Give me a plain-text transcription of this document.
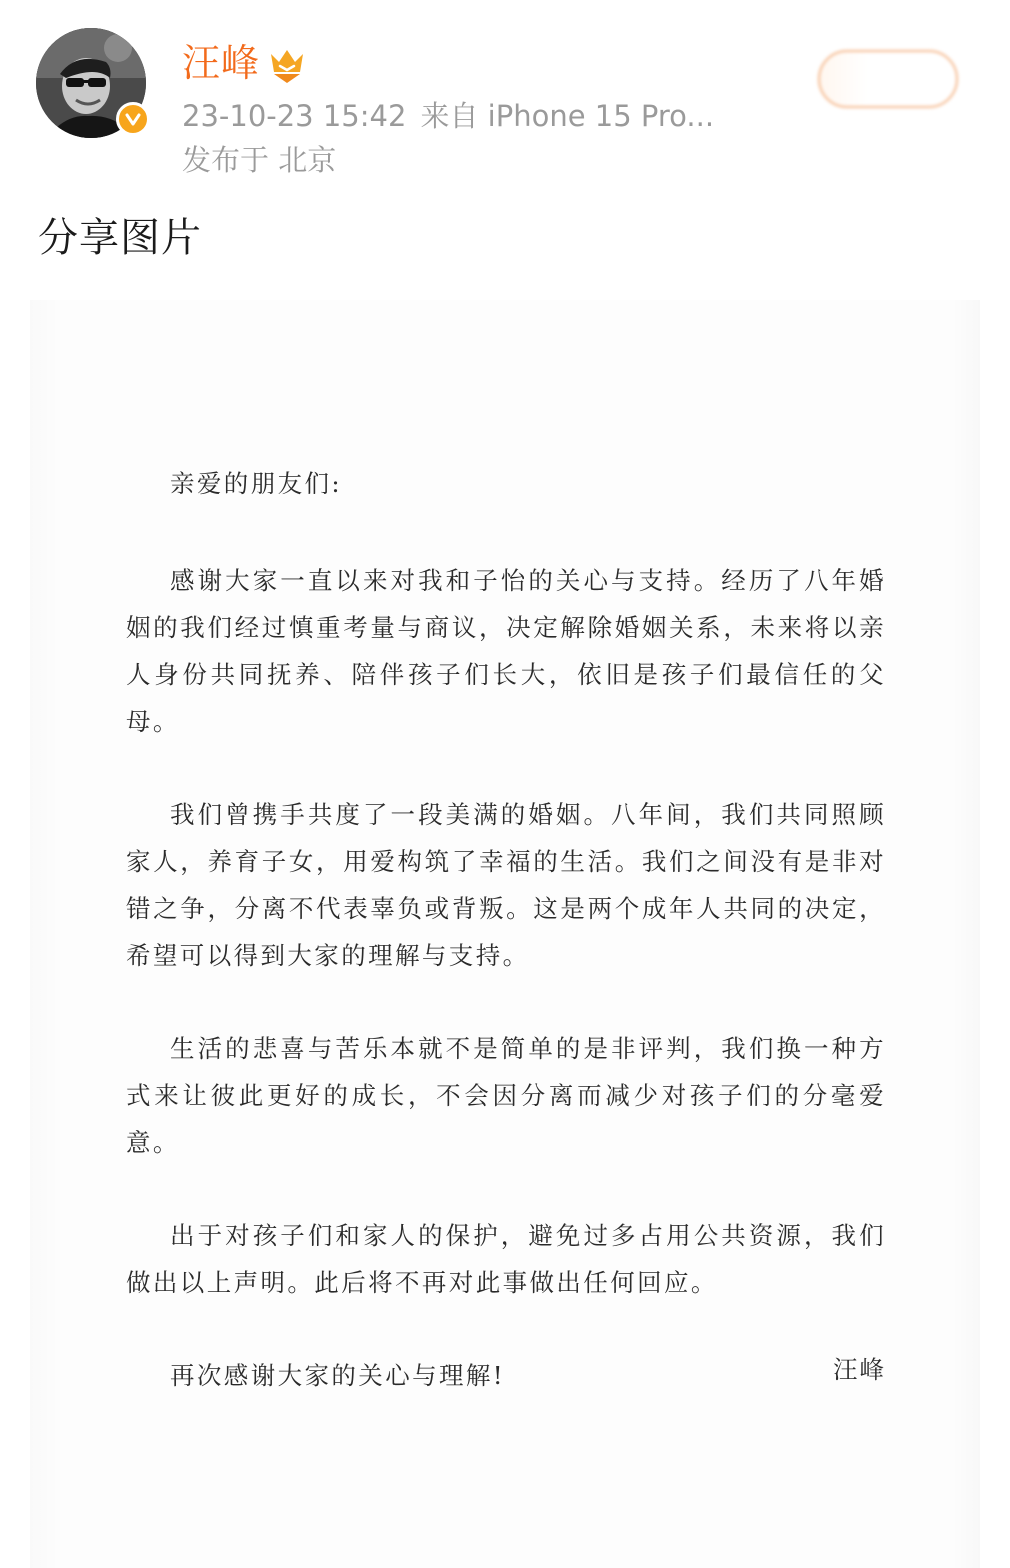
汪峰
23-10-23 15:42 来自 iPhone 15 Pro...
发布于 北京
分享图片

亲爱的朋友们:

感谢大家一直以来对我和子怡的关心与支持。经历了八年婚姻的我们经过慎重考量与商议，决定解除婚姻关系，未来将以亲人身份共同抚养、陪伴孩子们长大，依旧是孩子们最信任的父母。

我们曾携手共度了一段美满的婚姻。八年间，我们共同照顾家人，养育子女，用爱构筑了幸福的生活。我们之间没有是非对错之争，分离不代表辜负或背叛。这是两个成年人共同的决定，希望可以得到大家的理解与支持。

生活的悲喜与苦乐本就不是简单的是非评判，我们换一种方式来让彼此更好的成长，不会因分离而减少对孩子们的分毫爱意。

出于对孩子们和家人的保护，避免过多占用公共资源，我们做出以上声明。此后将不再对此事做出任何回应。

再次感谢大家的关心与理解!	汪峰
